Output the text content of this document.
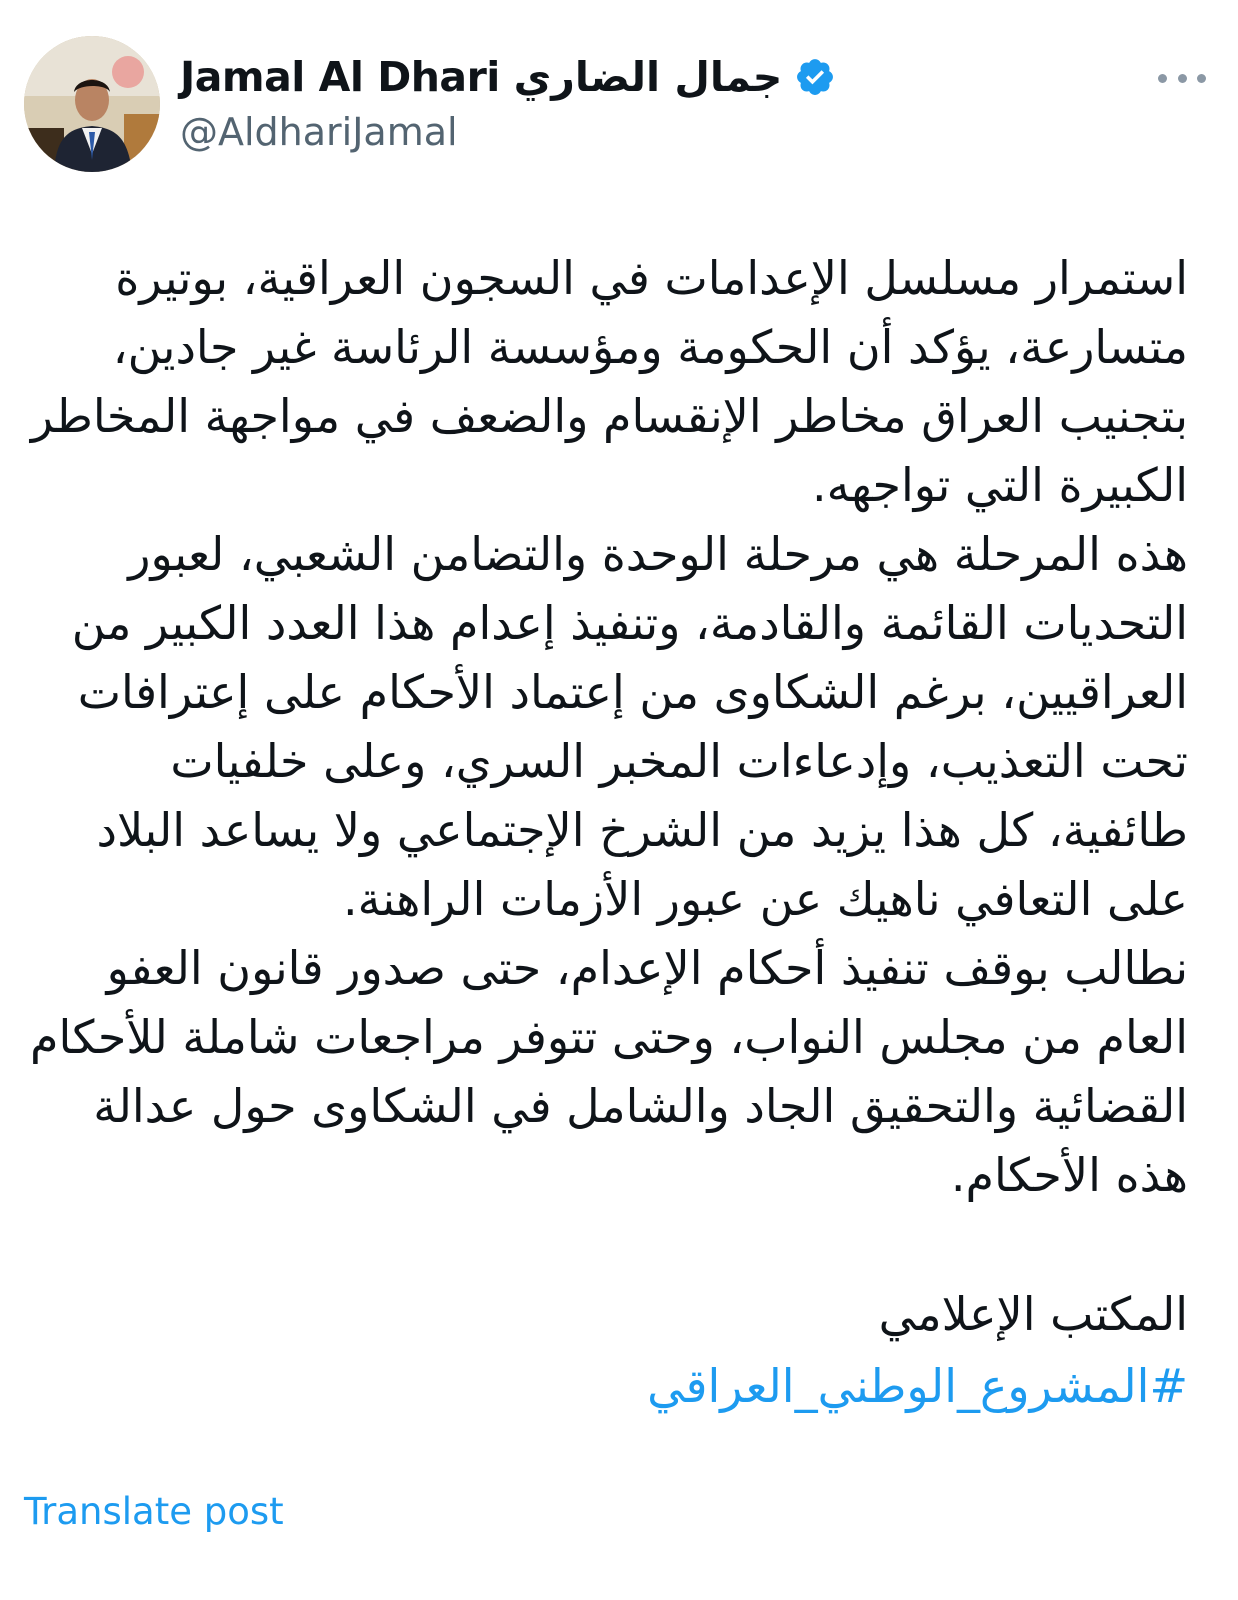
Jamal Al Dhari جمال الضاري
@AldhariJamal

استمرار مسلسل الإعدامات في السجون العراقية، بوتيرة متسارعة، يؤكد أن الحكومة ومؤسسة الرئاسة غير جادين، بتجنيب العراق مخاطر الإنقسام والضعف في مواجهة المخاطر الكبيرة التي تواجهه.

هذه المرحلة هي مرحلة الوحدة والتضامن الشعبي، لعبور التحديات القائمة والقادمة، وتنفيذ إعدام هذا العدد الكبير من العراقيين، برغم الشكاوى من إعتماد الأحكام على إعترافات تحت التعذيب، وإدعاءات المخبر السري، وعلى خلفيات طائفية، كل هذا يزيد من الشرخ الإجتماعي ولا يساعد البلاد على التعافي ناهيك عن عبور الأزمات الراهنة.

نطالب بوقف تنفيذ أحكام الإعدام، حتى صدور قانون العفو العام من مجلس النواب، وحتى تتوفر مراجعات شاملة للأحكام القضائية والتحقيق الجاد والشامل في الشكاوى حول عدالة هذه الأحكام.

المكتب الإعلامي
#المشروع_الوطني_العراقي
Translate post
